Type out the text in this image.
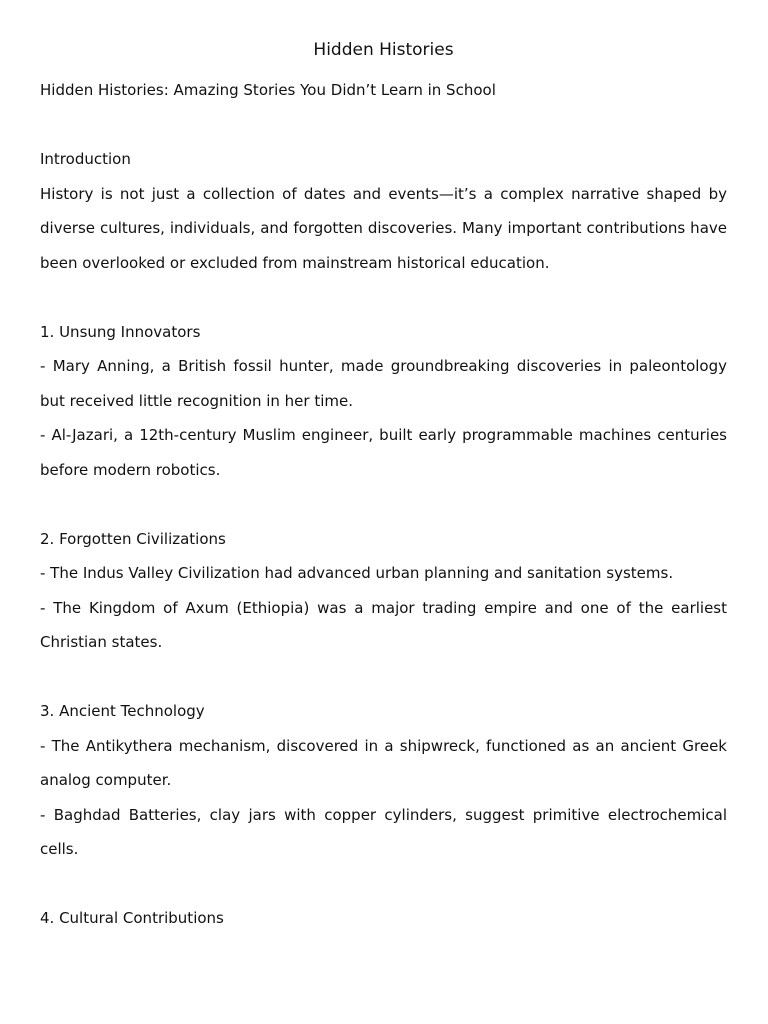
Hidden Histories

Hidden Histories: Amazing Stories You Didn’t Learn in School

Introduction

History is not just a collection of dates and events—it’s a complex narrative shaped by diverse cultures, individuals, and forgotten discoveries. Many important contributions have been overlooked or excluded from mainstream historical education.

1. Unsung Innovators

- Mary Anning, a British fossil hunter, made groundbreaking discoveries in paleontology but received little recognition in her time.

- Al-Jazari, a 12th-century Muslim engineer, built early programmable machines centuries before modern robotics.

2. Forgotten Civilizations

- The Indus Valley Civilization had advanced urban planning and sanitation systems.

- The Kingdom of Axum (Ethiopia) was a major trading empire and one of the earliest Christian states.

3. Ancient Technology

- The Antikythera mechanism, discovered in a shipwreck, functioned as an ancient Greek analog computer.

- Baghdad Batteries, clay jars with copper cylinders, suggest primitive electrochemical cells.

4. Cultural Contributions
